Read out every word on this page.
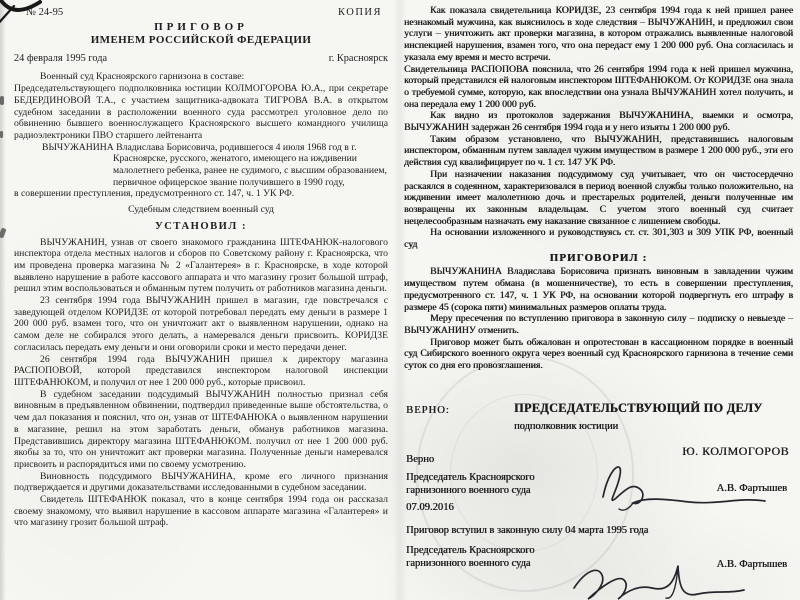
№ 24-95	КОПИЯ

ПРИГОВОР

ИМЕНЕМ РОССИЙСКОЙ ФЕДЕРАЦИИ

24 февраля 1995 года	г. Красноярск

Военный суд Красноярского гарнизона в составе:

Председательствующего подполковника юстиции КОЛМОГОРОВА Ю.А., при секретаре БЕДЕРДИНОВОЙ Т.А., с участием защитника-адвоката ТИГРОВА В.А. в открытом судебном заседании в расположении военного суда рассмотрел уголовное дело по обвинению бывшего военнослужащего Красноярского высшего командного училища радиоэлектроники ПВО старшего лейтенанта

ВЫЧУЖАНИНА Владислава Борисовича, родившегося 4 июля 1968 год в г. Красноярске, русского, женатого, имеющего на иждивении малолетнего ребенка, ранее не судимого, с высшим образованием, первичное офицерское звание получившего в 1990 году,

в совершении преступления, предусмотренного ст. 147, ч. 1 УК РФ.

Судебным следствием военный суд

УСТАНОВИЛ :

ВЫЧУЖАНИН, узнав от своего знакомого гражданина ШТЕФАНЮК-налогового инспектора отдела местных налогов и сборов по Советскому району г. Красноярска, что им проведена проверка магазина № 2 «Галантерея» в г. Красноярске, в ходе которой выявлено нарушение в работе кассового аппарата и что магазину грозит большой штраф, решил этим воспользоваться и обманным путем получить от работников магазина деньги.

23 сентября 1994 года ВЫЧУЖАНИН пришел в магазин, где повстречался с заведующей отделом КОРИДЗЕ от которой потребовал передать ему деньги в размере 1 200 000 руб. взамен того, что он уничтожит акт о выявленном нарушении, однако на самом деле не собирался этого делать, а намеревался деньги присвоить. КОРИДЗЕ согласилась передать ему деньги и они оговорили сроки и место передачи денег.

26 сентября 1994 года ВЫЧУЖАНИН пришел к директору магазина РАСПОПОВОЙ, которой представился инспектором налоговой инспекции ШТЕФАНЮКОМ, и получил от нее 1 200 000 руб., которые присвоил.

В судебном заседании подсудимый ВЫЧУЖАНИН полностью признал себя виновным в предъявленном обвинении, подтвердил приведенные выше обстоятельства, о чем дал показания и пояснил, что он, узнав от ШТЕФАНЮКА о выявленном нарушении в магазине, решил на этом заработать деньги, обманув работников магазина. Представившись директору магазина ШТЕФАНЮКОМ. получил от нее 1 200 000 руб. якобы за то, что он уничтожит акт проверки магазина. Полученные деньги намеревался присвоить и распорядиться ими по своему усмотрению.

Виновность подсудимого ВЫЧУЖАНИНА, кроме его личного признания подтверждается и другими доказательствами исследованными в судебном заседании.

Свидетель ШТЕФАНЮК показал, что в конце сентября 1994 года он рассказал своему знакомому, что выявил нарушение в кассовом аппарате магазина «Галантерея» и что магазину грозит большой штраф.

Как показала свидетельница КОРИДЗЕ, 23 сентября 1994 года к ней пришел ранее незнакомый мужчина, как выяснилось в ходе следствия – ВЫЧУЖАНИН, и предложил свои услуги – уничтожить акт проверки магазина, в котором отражались выявленные налоговой инспекцией нарушения, взамен того, что она передаст ему 1 200 000 руб. Она согласилась и указала ему время и место встречи.

Свидетельница РАСПОПОВА пояснила, что 26 сентября 1994 года к ней пришел мужчина, который представился ей налоговым инспектором ШТЕФАНЮКОМ. От КОРИДЗЕ она знала о требуемой сумме, которую, как впоследствии она узнала ВЫЧУЖАНИН хотел получить, и она передала ему 1 200 000 руб.

Как видно из протоколов задержания ВЫЧУЖАНИНА, выемки и осмотра, ВЫЧУЖАНИН задержан 26 сентября 1994 года и у него изъяты 1 200 000 руб.

Таким образом установлено, что ВЫЧУЖАНИН, представившись налоговым инспектором, обманным путем завладел чужим имуществом в размере 1 200 000 руб., эти его действия суд квалифицирует по ч. 1 ст. 147 УК РФ.

При назначении наказания подсудимому суд учитывает, что он чистосердечно раскаялся в содеянном, характеризовался в период военной службы только положительно, на иждивении имеет малолетнюю дочь и престарелых родителей, деньги полученные им возвращены их законным владельцам. С учетом этого военный суд считает нецелесообразным назначать ему наказание связанное с лишением свободы.

На основании изложенного и руководствуясь ст. ст. 301,303 и 309 УПК РФ, военный суд

ПРИГОВОРИЛ :

ВЫЧУЖАНИНА Владислава Борисовича признать виновным в завладении чужим имуществом путем обмана (в мошенничестве), то есть в совершении преступления, предусмотренного ст. 147, ч. 1 УК РФ, на основании которой подвергнуть его штрафу в размере 45 (сорока пяти) минимальных размеров оплаты труда.

Меру пресечения по вступлению приговора в законную силу – подписку о невыезде – ВЫЧУЖАНИНУ отменить.

Приговор может быть обжалован и опротестован в кассационном порядке в военный суд Сибирского военного округа через военный суд Красноярского гарнизона в течение семи суток со дня его провозглашения.

ВЕРНО:	ПРЕДСЕДАТЕЛЬСТВУЮЩИЙ ПО ДЕЛУ

подполковник юстиции

Ю. КОЛМОГОРОВ

Верно

Председатель Красноярского
гарнизонного военного суда

07.09.2016

А.В. Фартышев

Приговор вступил в законную силу 04 марта 1995 года

Председатель Красноярского
гарнизонного военного суда	А.В. Фартышев
